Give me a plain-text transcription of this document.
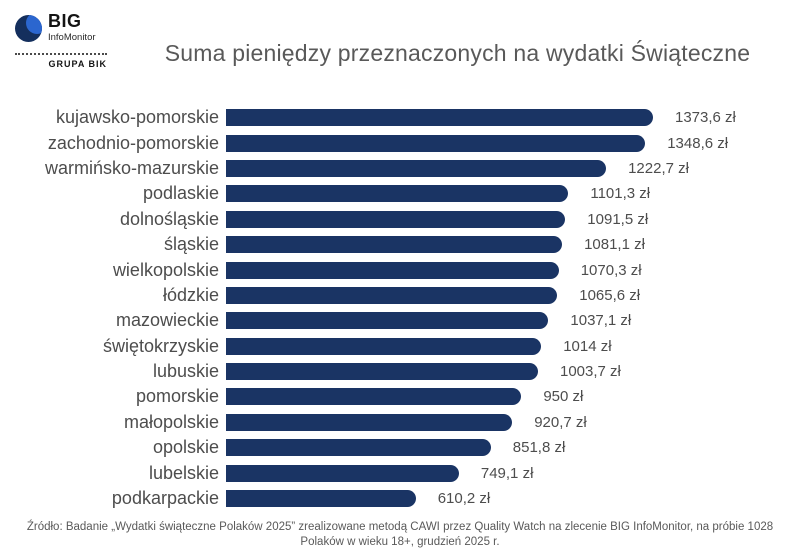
BIG
InfoMonitor
GRUPA BIK	Suma pieniędzy przeznaczonych na wydatki Świąteczne
kujawsko-pomorskie	1373,6 zł
zachodnio-pomorskie	1348,6 zł
warmińsko-mazurskie	1222,7 zł
podlaskie	1101,3 zł
dolnośląskie	1091,5 zł
śląskie	1081,1 zł
wielkopolskie	1070,3 zł
łódzkie	1065,6 zł
mazowieckie	1037,1 zł
świętokrzyskie	1014 zł
lubuskie	1003,7 zł
pomorskie	950 zł
małopolskie	920,7 zł
opolskie	851,8 zł
lubelskie	749,1 zł
podkarpackie	610,2 zł
Źródło: Badanie „Wydatki świąteczne Polaków 2025” zrealizowane metodą CAWI przez Quality Watch na zlecenie BIG InfoMonitor, na próbie 1028 Polaków w wieku 18+, grudzień 2025 r.
